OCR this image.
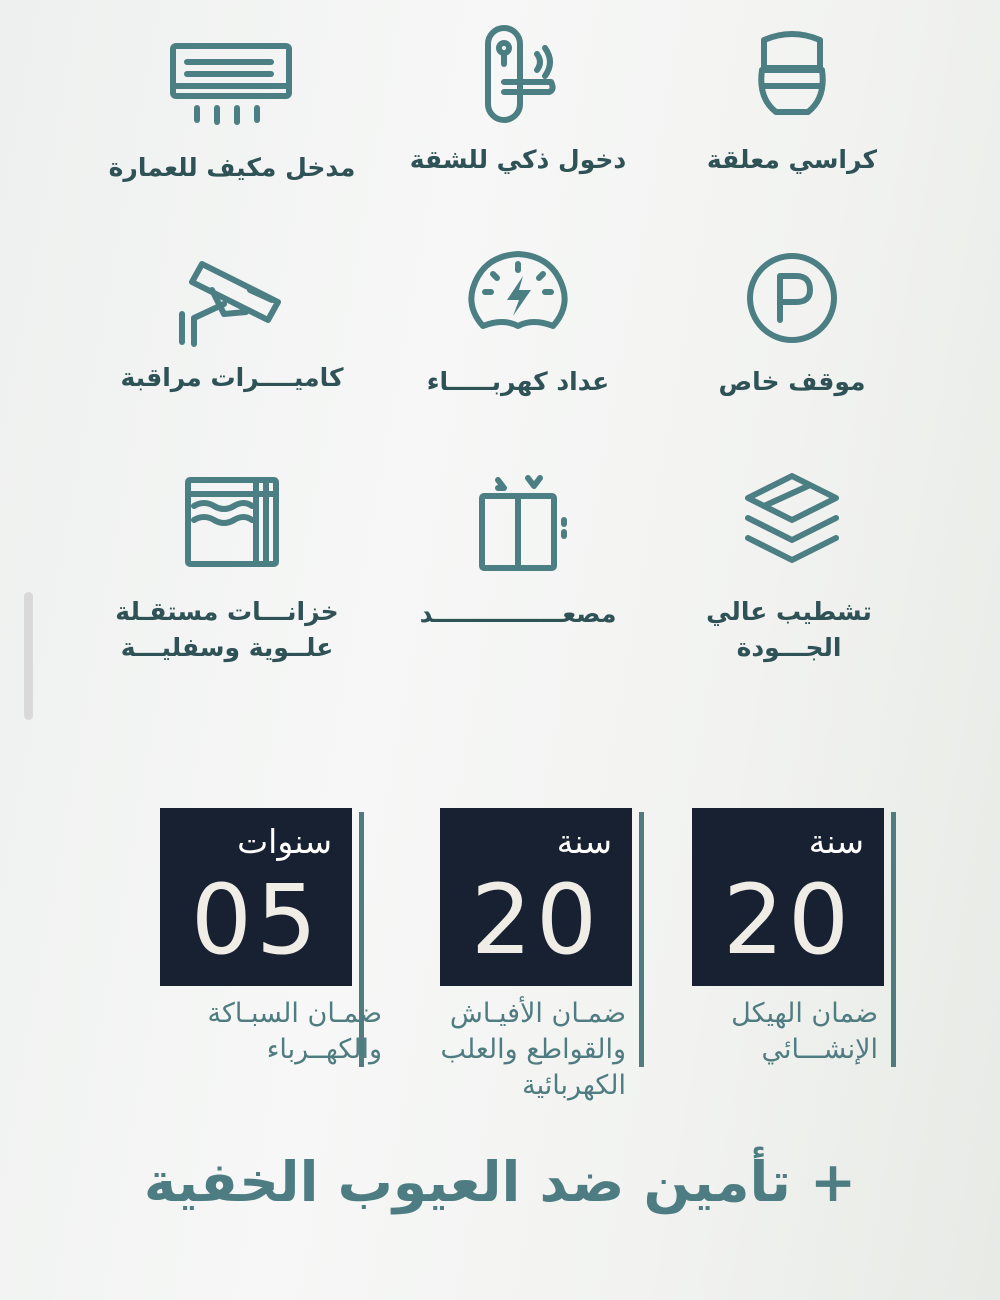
كراسي معلقة
دخول ذكي للشقة
مدخل مكيف للعمارة
موقف خاص
عداد كهربـــــاء
كاميــــرات مراقبة
تشطيب عالي الجـــودة
مصعـــــــــــــــد
خزانـــات مستقـلة علــوية وسفليـــة
سنة
20
ضمان الهيكل الإنشـــائي
سنة
20
ضمـان الأفيـاش والقواطع والعلب الكهربائية
سنوات
05
ضمـان السبـاكة والكهــرباء
+ تأمين ضد العيوب الخفية
